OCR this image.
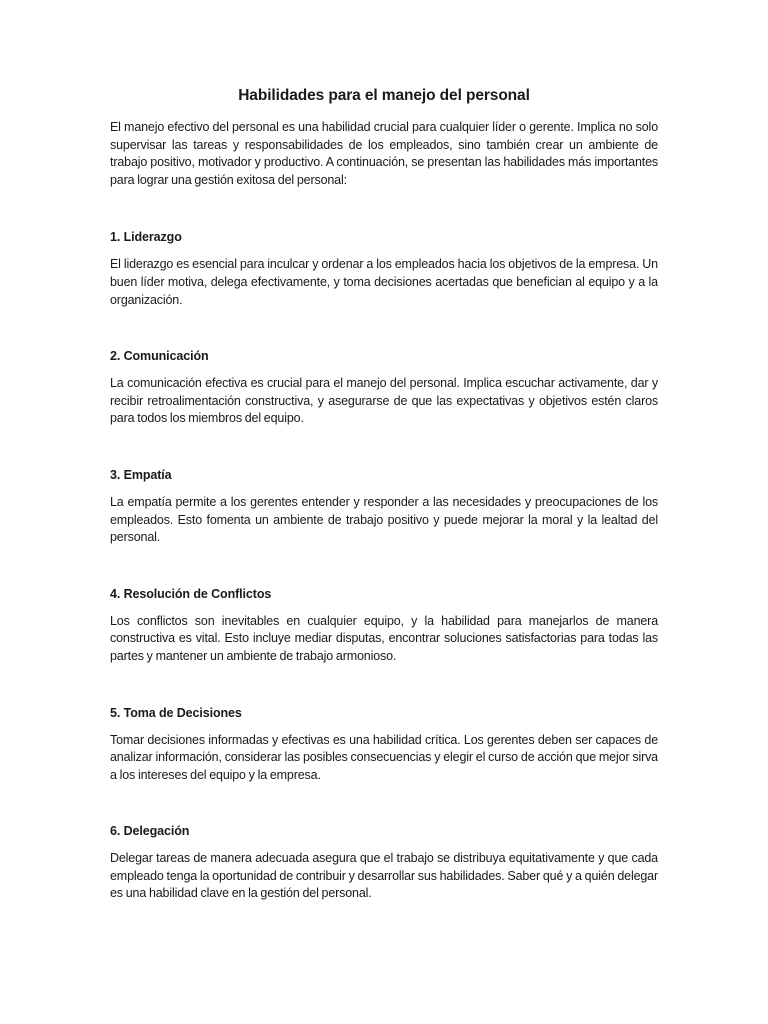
Habilidades para el manejo del personal

El manejo efectivo del personal es una habilidad crucial para cualquier líder o gerente. Implica no solo supervisar las tareas y responsabilidades de los empleados, sino también crear un ambiente de trabajo positivo, motivador y productivo. A continuación, se presentan las habilidades más importantes para lograr una gestión exitosa del personal:

1. Liderazgo

El liderazgo es esencial para inculcar y ordenar a los empleados hacia los objetivos de la empresa. Un buen líder motiva, delega efectivamente, y toma decisiones acertadas que benefician al equipo y a la organización.

2. Comunicación

La comunicación efectiva es crucial para el manejo del personal. Implica escuchar activamente, dar y recibir retroalimentación constructiva, y asegurarse de que las expectativas y objetivos estén claros para todos los miembros del equipo.

3. Empatía

La empatía permite a los gerentes entender y responder a las necesidades y preocupaciones de los empleados. Esto fomenta un ambiente de trabajo positivo y puede mejorar la moral y la lealtad del personal.

4. Resolución de Conflictos

Los conflictos son inevitables en cualquier equipo, y la habilidad para manejarlos de manera constructiva es vital. Esto incluye mediar disputas, encontrar soluciones satisfactorias para todas las partes y mantener un ambiente de trabajo armonioso.

5. Toma de Decisiones

Tomar decisiones informadas y efectivas es una habilidad crítica. Los gerentes deben ser capaces de analizar información, considerar las posibles consecuencias y elegir el curso de acción que mejor sirva a los intereses del equipo y la empresa.

6. Delegación

Delegar tareas de manera adecuada asegura que el trabajo se distribuya equitativamente y que cada empleado tenga la oportunidad de contribuir y desarrollar sus habilidades. Saber qué y a quién delegar es una habilidad clave en la gestión del personal.
